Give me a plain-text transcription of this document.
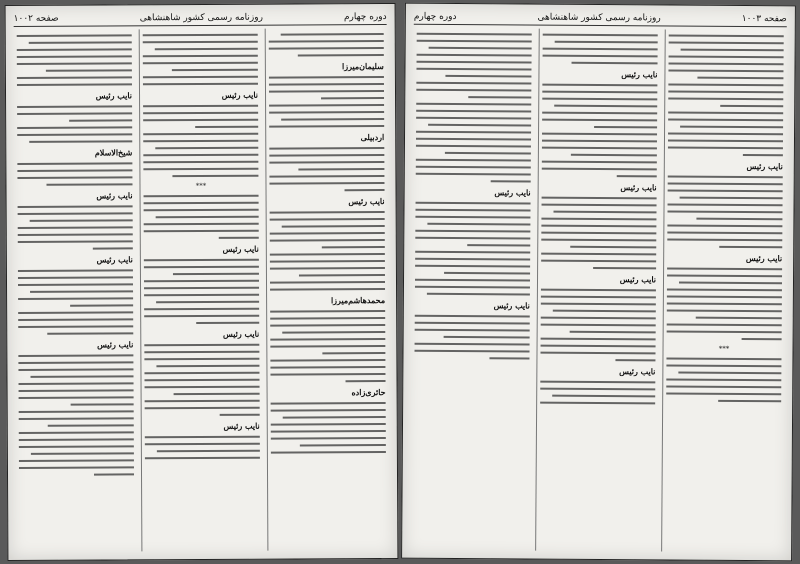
دوره چهارم
روزنامه رسمی کشور شاهنشاهی
صفحه ۱۰۰۲
سلیمان‌میرزا
اردبیلی
نایب رئیس
محمدهاشم‌میرزا
حائری‌زاده
نایب رئیس
***
نایب رئیس
نایب رئیس
نایب رئیس
نایب رئیس
شیخ‌الاسلام
نایب رئیس
نایب رئیس
نایب رئیس
صفحه ۱۰۰۳
روزنامه رسمی کشور شاهنشاهی
دوره چهارم
نایب رئیس
نایب رئیس
***
نایب رئیس
نایب رئیس
نایب رئیس
نایب رئیس
نایب رئیس
نایب رئیس
